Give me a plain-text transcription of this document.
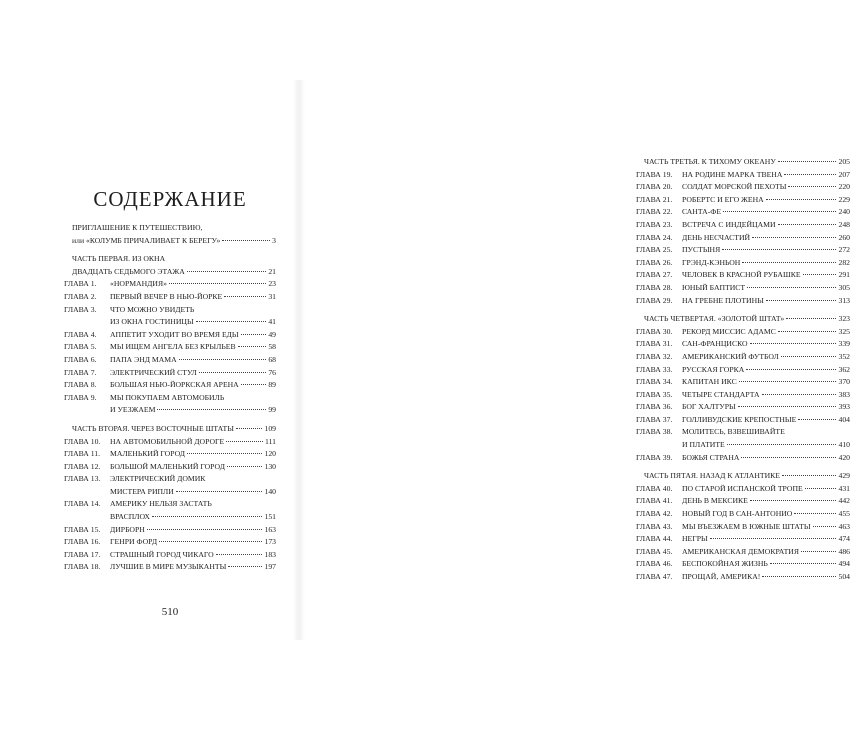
СОДЕРЖАНИЕ
ПРИГЛАШЕНИЕ К ПУТЕШЕСТВИЮ,
или «КОЛУМБ ПРИЧАЛИВАЕТ К БЕРЕГУ»	3
ЧАСТЬ ПЕРВАЯ. ИЗ ОКНА
ДВАДЦАТЬ СЕДЬМОГО ЭТАЖА	21
ГЛАВА 1.	«НОРМАНДИЯ»	23
ГЛАВА 2.	ПЕРВЫЙ ВЕЧЕР В НЬЮ-ЙОРКЕ	31
ГЛАВА 3.	ЧТО МОЖНО УВИДЕТЬ
ИЗ ОКНА ГОСТИНИЦЫ	41
ГЛАВА 4.	АППЕТИТ УХОДИТ ВО ВРЕМЯ ЕДЫ	49
ГЛАВА 5.	МЫ ИЩЕМ АНГЕЛА БЕЗ КРЫЛЬЕВ	58
ГЛАВА 6.	ПАПА ЭНД МАМА	68
ГЛАВА 7.	ЭЛЕКТРИЧЕСКИЙ СТУЛ	76
ГЛАВА 8.	БОЛЬШАЯ НЬЮ-ЙОРКСКАЯ АРЕНА	89
ГЛАВА 9.	МЫ ПОКУПАЕМ АВТОМОБИЛЬ
И УЕЗЖАЕМ	99
ЧАСТЬ ВТОРАЯ. ЧЕРЕЗ ВОСТОЧНЫЕ ШТАТЫ	109
ГЛАВА 10.	НА АВТОМОБИЛЬНОЙ ДОРОГЕ	111
ГЛАВА 11.	МАЛЕНЬКИЙ ГОРОД	120
ГЛАВА 12.	БОЛЬШОЙ МАЛЕНЬКИЙ ГОРОД	130
ГЛАВА 13.	ЭЛЕКТРИЧЕСКИЙ ДОМИК
МИСТЕРА РИПЛИ	140
ГЛАВА 14.	АМЕРИКУ НЕЛЬЗЯ ЗАСТАТЬ
ВРАСПЛОХ	151
ГЛАВА 15.	ДИРБОРН	163
ГЛАВА 16.	ГЕНРИ ФОРД	173
ГЛАВА 17.	СТРАШНЫЙ ГОРОД ЧИКАГО	183
ГЛАВА 18.	ЛУЧШИЕ В МИРЕ МУЗЫКАНТЫ	197
510
ЧАСТЬ ТРЕТЬЯ. К ТИХОМУ ОКЕАНУ	205
ГЛАВА 19.	НА РОДИНЕ МАРКА ТВЕНА	207
ГЛАВА 20.	СОЛДАТ МОРСКОЙ ПЕХОТЫ	220
ГЛАВА 21.	РОБЕРТС И ЕГО ЖЕНА	229
ГЛАВА 22.	САНТА-ФЕ	240
ГЛАВА 23.	ВСТРЕЧА С ИНДЕЙЦАМИ	248
ГЛАВА 24.	ДЕНЬ НЕСЧАСТИЙ	260
ГЛАВА 25.	ПУСТЫНЯ	272
ГЛАВА 26.	ГРЭНД-КЭНЬОН	282
ГЛАВА 27.	ЧЕЛОВЕК В КРАСНОЙ РУБАШКЕ	291
ГЛАВА 28.	ЮНЫЙ БАПТИСТ	305
ГЛАВА 29.	НА ГРЕБНЕ ПЛОТИНЫ	313
ЧАСТЬ ЧЕТВЕРТАЯ. «ЗОЛОТОЙ ШТАТ»	323
ГЛАВА 30.	РЕКОРД МИССИС АДАМС	325
ГЛАВА 31.	САН-ФРАНЦИСКО	339
ГЛАВА 32.	АМЕРИКАНСКИЙ ФУТБОЛ	352
ГЛАВА 33.	РУССКАЯ ГОРКА	362
ГЛАВА 34.	КАПИТАН ИКС	370
ГЛАВА 35.	ЧЕТЫРЕ СТАНДАРТА	383
ГЛАВА 36.	БОГ ХАЛТУРЫ	393
ГЛАВА 37.	ГОЛЛИВУДСКИЕ КРЕПОСТНЫЕ	404
ГЛАВА 38.	МОЛИТЕСЬ, ВЗВЕШИВАЙТЕ
И ПЛАТИТЕ	410
ГЛАВА 39.	БОЖЬЯ СТРАНА	420
ЧАСТЬ ПЯТАЯ. НАЗАД К АТЛАНТИКЕ	429
ГЛАВА 40.	ПО СТАРОЙ ИСПАНСКОЙ ТРОПЕ	431
ГЛАВА 41.	ДЕНЬ В МЕКСИКЕ	442
ГЛАВА 42.	НОВЫЙ ГОД В САН-АНТОНИО	455
ГЛАВА 43.	МЫ ВЪЕЗЖАЕМ В ЮЖНЫЕ ШТАТЫ	463
ГЛАВА 44.	НЕГРЫ	474
ГЛАВА 45.	АМЕРИКАНСКАЯ ДЕМОКРАТИЯ	486
ГЛАВА 46.	БЕСПОКОЙНАЯ ЖИЗНЬ	494
ГЛАВА 47.	ПРОЩАЙ, АМЕРИКА!	504
